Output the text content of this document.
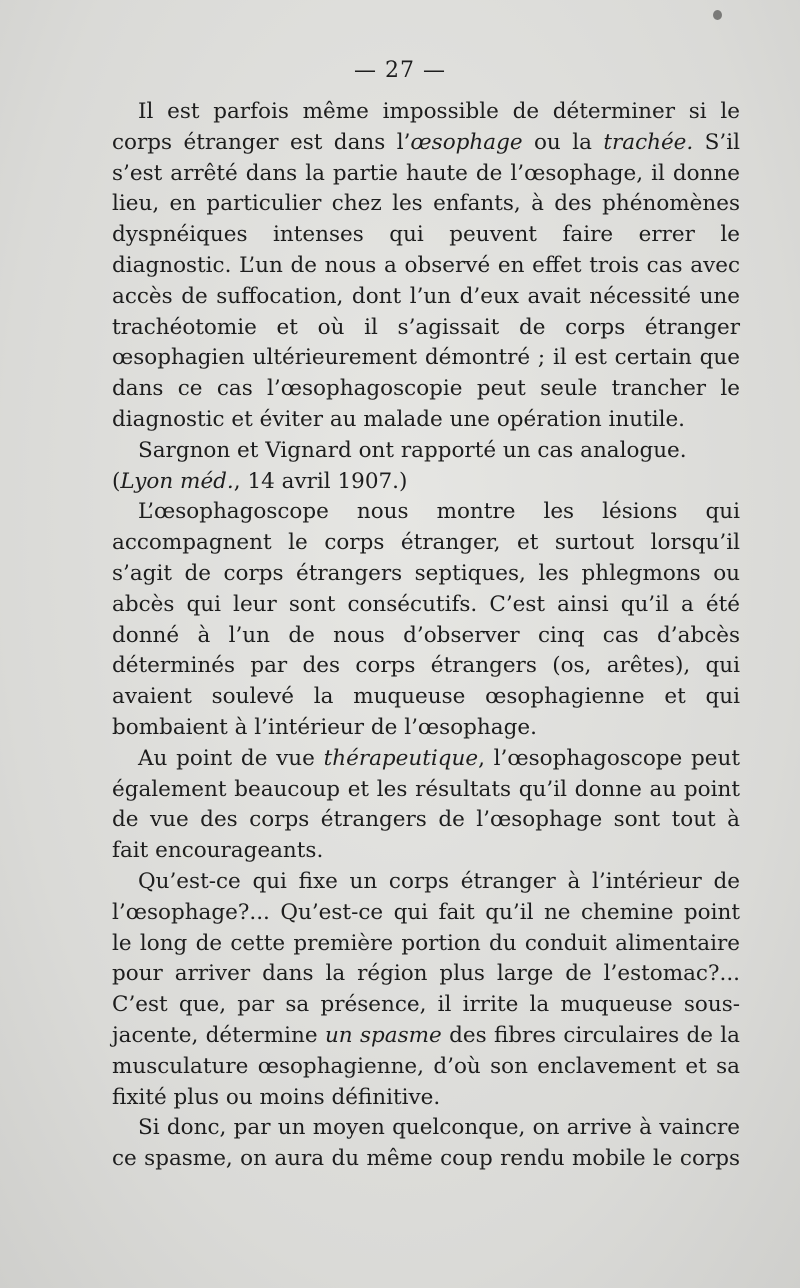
— 27 —

Il est parfois même impossible de déterminer si le corps étranger est dans l’œsophage ou la trachée. S’il s’est arrêté dans la partie haute de l’œsophage, il donne lieu, en particulier chez les enfants, à des phénomènes dyspnéiques intenses qui peuvent faire errer le diagnostic. L’un de nous a observé en effet trois cas avec accès de suffocation, dont l’un d’eux avait nécessité une trachéotomie et où il s’agissait de corps étranger œsophagien ultérieurement démontré ; il est certain que dans ce cas l’œsophagoscopie peut seule trancher le diagnostic et éviter au malade une opération inutile.

Sargnon et Vignard ont rapporté un cas analogue.

(Lyon méd., 14 avril 1907.)

L’œsophagoscope nous montre les lésions qui accompagnent le corps étranger, et surtout lorsqu’il s’agit de corps étrangers septiques, les phlegmons ou abcès qui leur sont consécutifs. C’est ainsi qu’il a été donné à l’un de nous d’observer cinq cas d’abcès déterminés par des corps étrangers (os, arêtes), qui avaient soulevé la muqueuse œsophagienne et qui bombaient à l’intérieur de l’œsophage.

Au point de vue thérapeutique, l’œsophagoscope peut également beaucoup et les résultats qu’il donne au point de vue des corps étrangers de l’œsophage sont tout à fait encourageants.

Qu’est-ce qui fixe un corps étranger à l’intérieur de l’œsophage?... Qu’est-ce qui fait qu’il ne chemine point le long de cette première portion du conduit alimentaire pour arriver dans la région plus large de l’estomac?... C’est que, par sa présence, il irrite la muqueuse sous-jacente, détermine un spasme des fibres circulaires de la musculature œsophagienne, d’où son enclavement et sa fixité plus ou moins définitive.

Si donc, par un moyen quelconque, on arrive à vaincre ce spasme, on aura du même coup rendu mobile le corps
